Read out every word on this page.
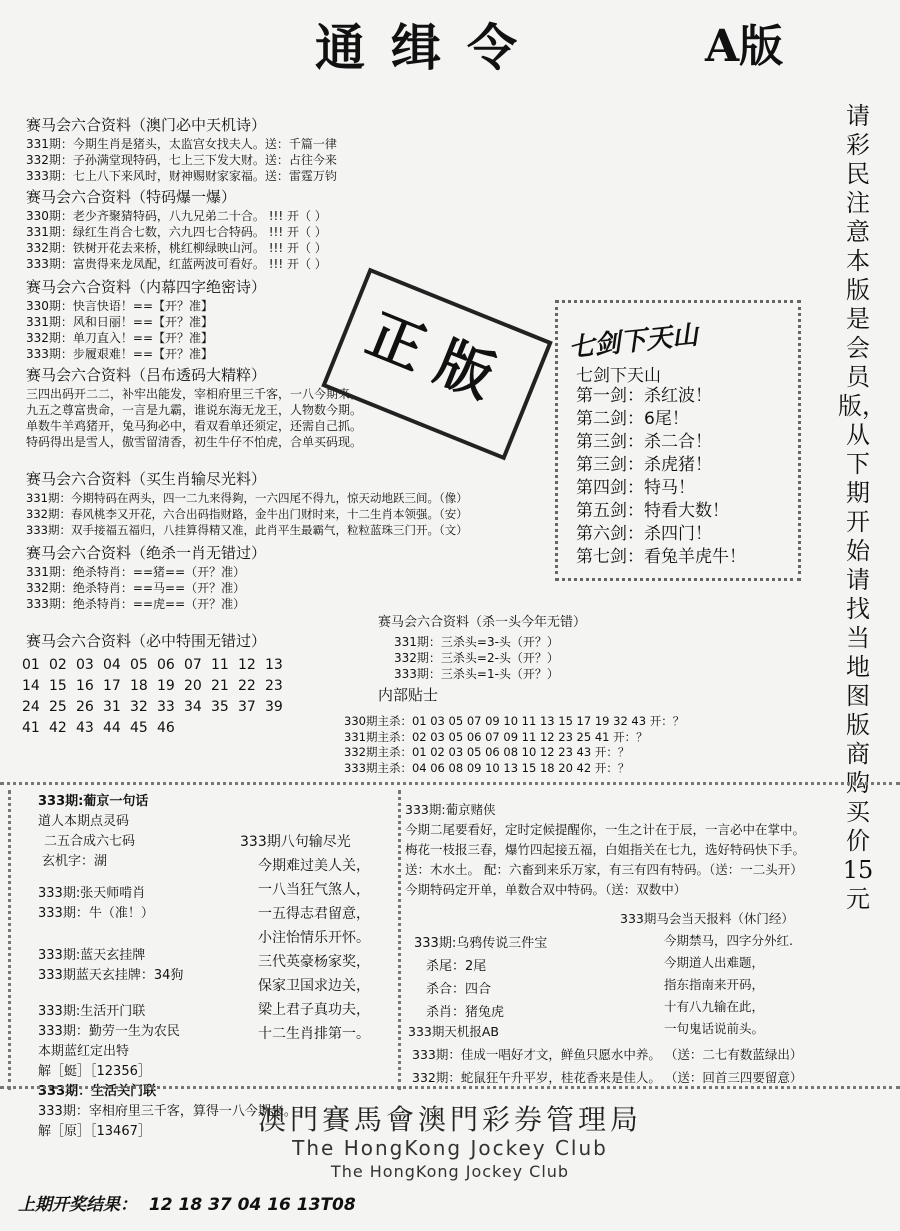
通缉令	A版
请彩民注意本版是会员版，从下期开始请找当地图版商购买价15元
赛马会六合资料（澳门必中天机诗）
331期：今期生肖是猪头，太监宫女找夫人。送：千篇一律
332期：子孙满堂现特码，七上三下发大财。送：占往今来
333期：七上八下来风时，财神赐财家家福。送：雷霆万钧
赛马会六合资料（特码爆一爆）
330期：老少齐聚猜特码，八九兄弟二十合。 !!! 开（ ）
331期：绿红生肖合七数，六九四七合特码。 !!! 开（ ）
332期：铁树开花去来桥，桃红柳绿映山河。 !!! 开（ ）
333期：富贵得来龙凤配，红蓝两波可看好。 !!! 开（ ）
赛马会六合资料（内幕四字绝密诗）
330期：快言快语！==【开？准】
331期：风和日丽！==【开？准】
332期：单刀直入！==【开？准】
333期：步履艰难！==【开？准】
赛马会六合资料（吕布透码大精粹）
三四出码开二二，补牢出能发，宰相府里三千客，一八今期来。
九五之尊富贵命，一言是九霸，谁说东海无龙王，人物数今期。
单数牛羊鸡猪开，兔马狗必中，看双看单还须定，还需自己抓。
特码得出是雪人，傲雪留清香，初生牛仔不怕虎，合单买码现。
赛马会六合资料（买生肖输尽光料）
331期：今期特码在两头，四一二九来得夠，一六四尾不得九，惊天动地跃三间。（像）
332期：春风桃李又开花，六合出码指财路，金牛出门财时来，十二生肖本领强。（安）
333期：双手接福五福归，八挂算得精又准，此肖平生最霸气，粒粒蓝珠三门开。（文）
赛马会六合资料（绝杀一肖无错过）
331期：绝杀特肖：==猪==（开？准）
332期：绝杀特肖：==马==（开？准）
333期：绝杀特肖：==虎==（开？准）
赛马会六合资料（必中特围无错过）
01 02 03 04 05 06 07 11 12 13
14 15 16 17 18 19 20 21 22 23
24 25 26 31 32 33 34 35 37 39
41 42 43 44 45 46
正版	七剑下天山
七剑下天山
第一剑：杀红波！
第二剑：6尾！
第三剑：杀二合！
第三剑：杀虎猪！
第四剑：特马！
第五剑：特看大数！
第六剑：杀四门！
第七剑：看兔羊虎牛！
赛马会六合资料（杀一头今年无错）
331期：三杀头=3-头（开？）
332期：三杀头=2-头（开？）
333期：三杀头=1-头（开？）
内部贴士
330期主杀：01 03 05 07 09 10 11 13 15 17 19 32 43 开：？
331期主杀：02 03 05 06 07 09 11 12 23 25 41 开：？
332期主杀：01 02 03 05 06 08 10 12 23 43 开：？
333期主杀：04 06 08 09 10 13 15 18 20 42 开：？
333期:葡京一句话
道人本期点灵码
二五合成六七码
玄机字：湖
333期:张天师啃肖
333期：牛（准！）
333期:蓝天玄挂牌
333期蓝天玄挂牌：34狗
333期:生活开门联
333期：勤劳一生为农民
本期蓝红定出特
解［蜓］［12356］
333期：生活关门联
333期：宰相府里三千客，算得一八今期来。
解［原］［13467］
333期八句输尽光
今期难过美人关，
一八当狂气煞人，
一五得志君留意，
小注怡情乐开怀。
三代英豪杨家奖，
保家卫国求边关，
梁上君子真功夫，
十二生肖排第一。
333期:葡京赌侠
今期二尾要看好，定时定候提醒你，一生之计在于辰，一言必中在掌中。
梅花一枝报三春，爆竹四起接五福，白姐指关在七九，选好特码快下手。
送：木水土。 配：六畜到来乐万家，有三有四有特码。（送：一二头开）
今期特码定开单，单数合双中特码。（送：双数中）
333期马会当天报料（休门经）
今期禁马，四字分外红.
今期道人出难题，
指东指南来开码，
十有八九输在此，
一句鬼话说前头。
333期:乌鸦传说三件宝
杀尾：2尾
杀合：四合
杀肖：猪兔虎
333期天机报AB
333期：佳成一唱好才文，鲜鱼只愿水中养。 （送：二七有数蓝绿出）
332期：蛇鼠狂午升平岁，桂花香来是佳人。 （送：回首三四要留意）
澳門賽馬會澳門彩券管理局
The HongKong Jockey Club
The HongKong Jockey Club
上期开奖结果： 12 18 37 04 16 13T08
